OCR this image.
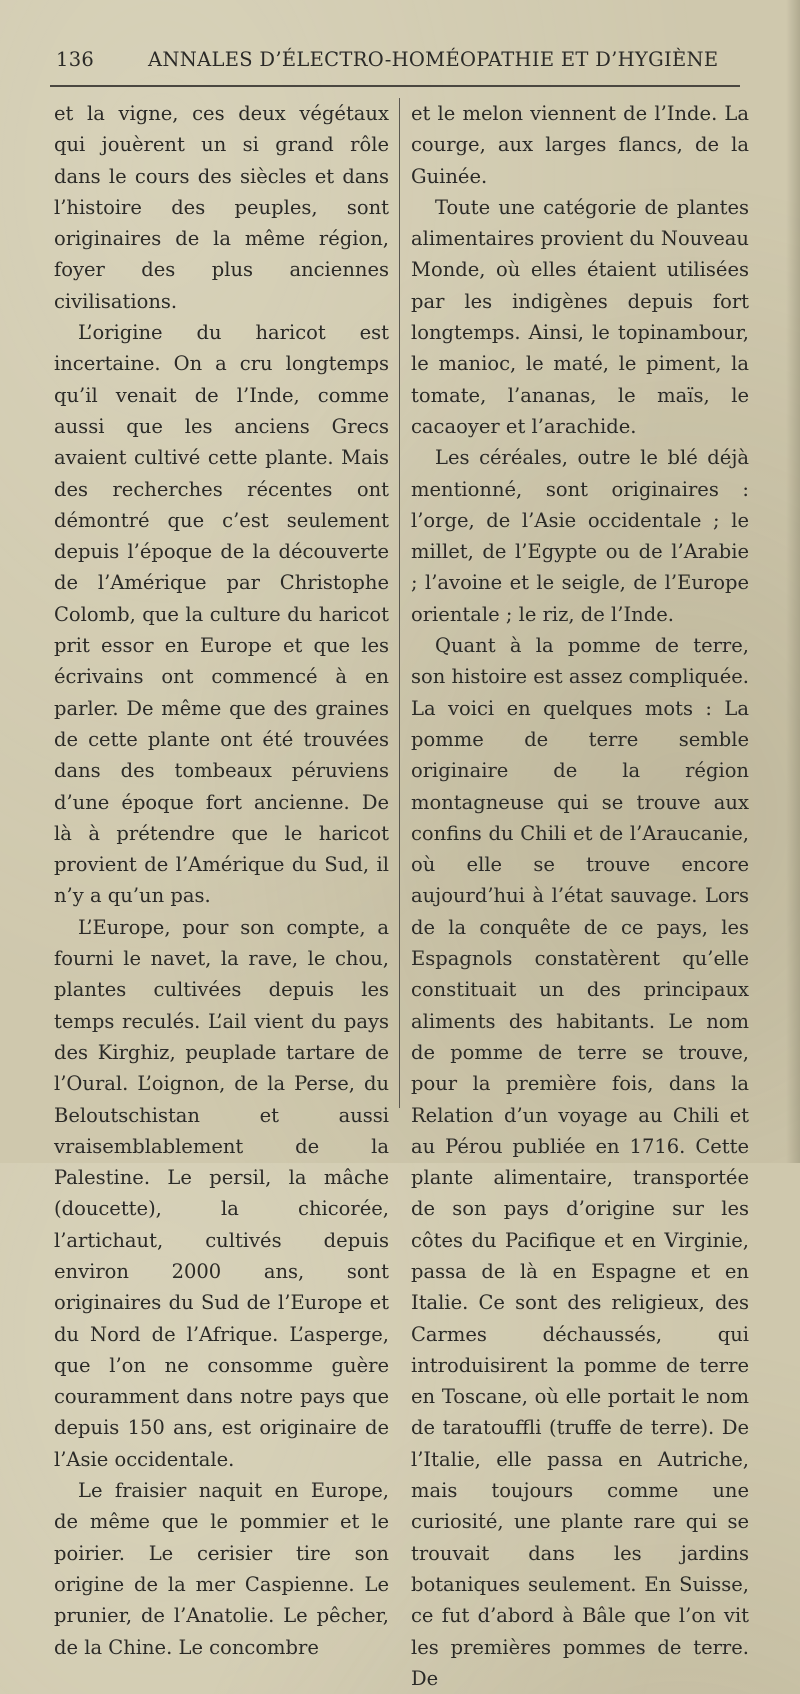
136	ANNALES D’ÉLECTRO-HOMÉOPATHIE ET D’HYGIÈNE

et la vigne, ces deux végétaux qui jouèrent un si grand rôle dans le cours des siècles et dans l’histoire des peuples, sont originaires de la même région, foyer des plus anciennes civilisations.

L’origine du haricot est incertaine. On a cru longtemps qu’il venait de l’Inde, comme aussi que les anciens Grecs avaient cultivé cette plante. Mais des recherches récentes ont démontré que c’est seulement depuis l’époque de la découverte de l’Amérique par Christophe Colomb, que la culture du haricot prit essor en Europe et que les écrivains ont commencé à en parler. De même que des graines de cette plante ont été trouvées dans des tombeaux péruviens d’une époque fort ancienne. De là à prétendre que le haricot provient de l’Amérique du Sud, il n’y a qu’un pas.

L’Europe, pour son compte, a fourni le navet, la rave, le chou, plantes cultivées depuis les temps reculés. L’ail vient du pays des Kirghiz, peuplade tartare de l’Oural. L’oignon, de la Perse, du Beloutschistan et aussi vraisemblablement de la Palestine. Le persil, la mâche (doucette), la chicorée, l’artichaut, cultivés depuis environ 2000 ans, sont originaires du Sud de l’Europe et du Nord de l’Afrique. L’asperge, que l’on ne consomme guère couramment dans notre pays que depuis 150 ans, est originaire de l’Asie occidentale.

Le fraisier naquit en Europe, de même que le pommier et le poirier. Le cerisier tire son origine de la mer Caspienne. Le prunier, de l’Anatolie. Le pêcher, de la Chine. Le concombre

et le melon viennent de l’Inde. La courge, aux larges flancs, de la Guinée.

Toute une catégorie de plantes alimentaires provient du Nouveau Monde, où elles étaient utilisées par les indigènes depuis fort longtemps. Ainsi, le topinambour, le manioc, le maté, le piment, la tomate, l’ananas, le maïs, le cacaoyer et l’arachide.

Les céréales, outre le blé déjà mentionné, sont originaires : l’orge, de l’Asie occidentale ; le millet, de l’Egypte ou de l’Arabie ; l’avoine et le seigle, de l’Europe orientale ; le riz, de l’Inde.

Quant à la pomme de terre, son histoire est assez compliquée. La voici en quelques mots : La pomme de terre semble originaire de la région montagneuse qui se trouve aux confins du Chili et de l’Araucanie, où elle se trouve encore aujourd’hui à l’état sauvage. Lors de la conquête de ce pays, les Espagnols constatèrent qu’elle constituait un des principaux aliments des habitants. Le nom de pomme de terre se trouve, pour la première fois, dans la Relation d’un voyage au Chili et au Pérou publiée en 1716. Cette plante alimentaire, transportée de son pays d’origine sur les côtes du Pacifique et en Virginie, passa de là en Espagne et en Italie. Ce sont des religieux, des Carmes déchaussés, qui introduisirent la pomme de terre en Toscane, où elle portait le nom de taratouffli (truffe de terre). De l’Italie, elle passa en Autriche, mais toujours comme une curiosité, une plante rare qui se trouvait dans les jardins botaniques seulement. En Suisse, ce fut d’abord à Bâle que l’on vit les premières pommes de terre. De
